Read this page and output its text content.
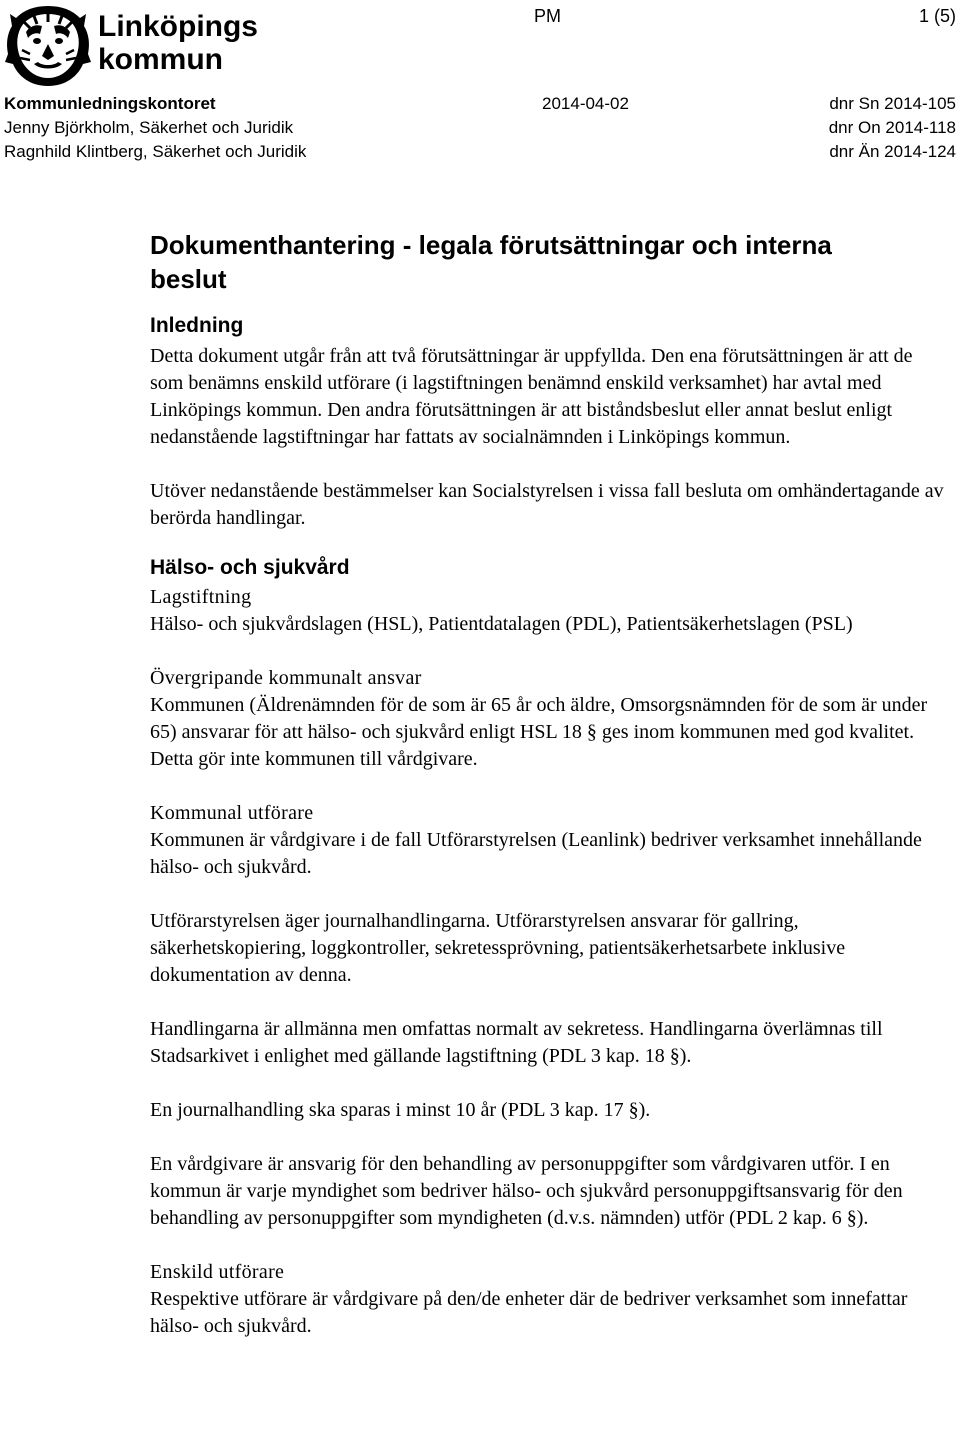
Linköpings
kommun
PM	1 (5)
Kommunledningskontoret
Jenny Björkholm, Säkerhet och Juridik
Ragnhild Klintberg, Säkerhet och Juridik
2014-04-02	dnr Sn 2014-105
dnr On 2014-118
dnr Än 2014-124
Dokumenthantering - legala förutsättningar och interna beslut
Inledning

Detta dokument utgår från att två förutsättningar är uppfyllda. Den ena förutsättningen är att de som benämns enskild utförare (i lagstiftningen benämnd enskild verksamhet) har avtal med Linköpings kommun. Den andra förutsättningen är att biståndsbeslut eller annat beslut enligt nedanstående lagstiftningar har fattats av socialnämnden i Linköpings kommun.

Utöver nedanstående bestämmelser kan Socialstyrelsen i vissa fall besluta om omhändertagande av berörda handlingar.

Hälso- och sjukvård

Lagstiftning

Hälso- och sjukvårdslagen (HSL), Patientdatalagen (PDL), Patientsäkerhetslagen (PSL)

Övergripande kommunalt ansvar

Kommunen (Äldrenämnden för de som är 65 år och äldre, Omsorgsnämnden för de som är under 65) ansvarar för att hälso- och sjukvård enligt HSL 18 § ges inom kommunen med god kvalitet. Detta gör inte kommunen till vårdgivare.

Kommunal utförare

Kommunen är vårdgivare i de fall Utförarstyrelsen (Leanlink) bedriver verksamhet innehållande hälso- och sjukvård.

Utförarstyrelsen äger journalhandlingarna. Utförarstyrelsen ansvarar för gallring, säkerhetskopiering, loggkontroller, sekretessprövning, patientsäkerhetsarbete inklusive dokumentation av denna.

Handlingarna är allmänna men omfattas normalt av sekretess. Handlingarna överlämnas till Stadsarkivet i enlighet med gällande lagstiftning (PDL 3 kap. 18 §).

En journalhandling ska sparas i minst 10 år (PDL 3 kap. 17 §).

En vårdgivare är ansvarig för den behandling av personuppgifter som vårdgivaren utför. I en kommun är varje myndighet som bedriver hälso- och sjukvård personuppgiftsansvarig för den behandling av personuppgifter som myndigheten (d.v.s. nämnden) utför (PDL 2 kap. 6 §).

Enskild utförare

Respektive utförare är vårdgivare på den/de enheter där de bedriver verksamhet som innefattar hälso- och sjukvård.
